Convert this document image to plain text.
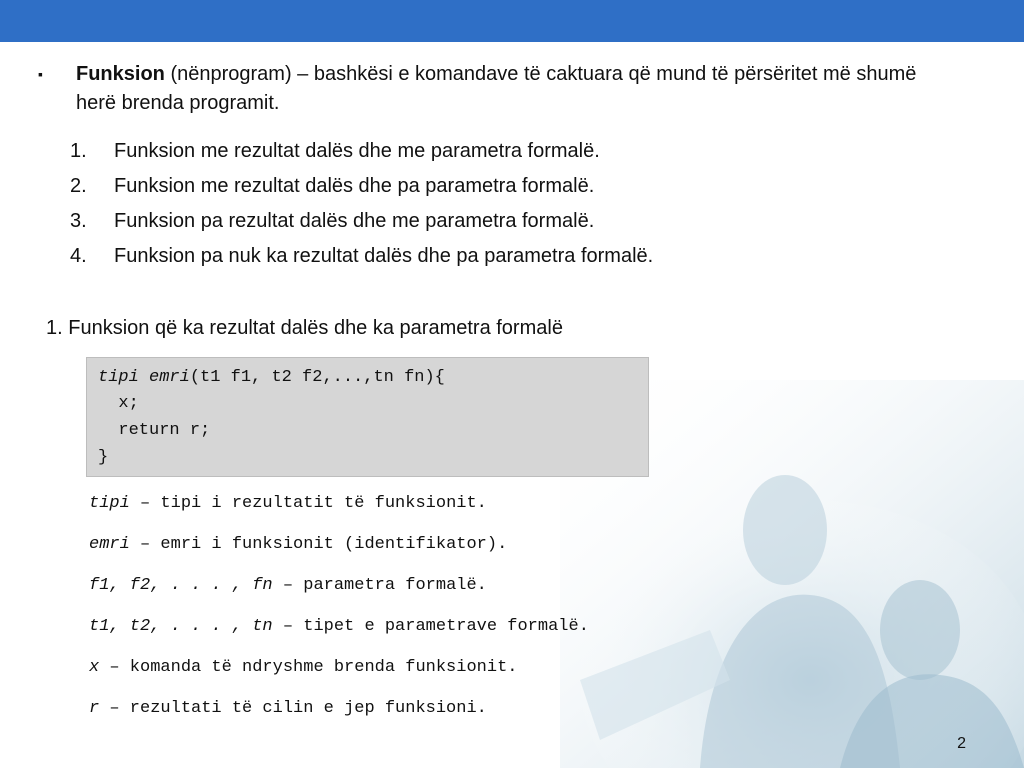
▪ Funksion (nënprogram) – bashkësi e komandave të caktuara që mund të përsëritet më shumë herë brenda programit.
1.	Funksion me rezultat dalës dhe me parametra formalë.
2.	Funksion me rezultat dalës dhe pa parametra formalë.
3.	Funksion pa rezultat dalës dhe me parametra formalë.
4.	Funksion pa nuk ka rezultat dalës dhe pa parametra formalë.
1. Funksion që ka rezultat dalës dhe ka parametra formalë
tipi emri(t1 f1, t2 f2,...,tn fn){
x;
return r;
}
tipi – tipi i rezultatit të funksionit.
emri – emri i funksionit (identifikator).
f1, f2, . . . , fn – parametra formalë.
t1, t2, . . . , tn – tipet e parametrave formalë.
x – komanda të ndryshme brenda funksionit.
r – rezultati të cilin e jep funksioni.
2
